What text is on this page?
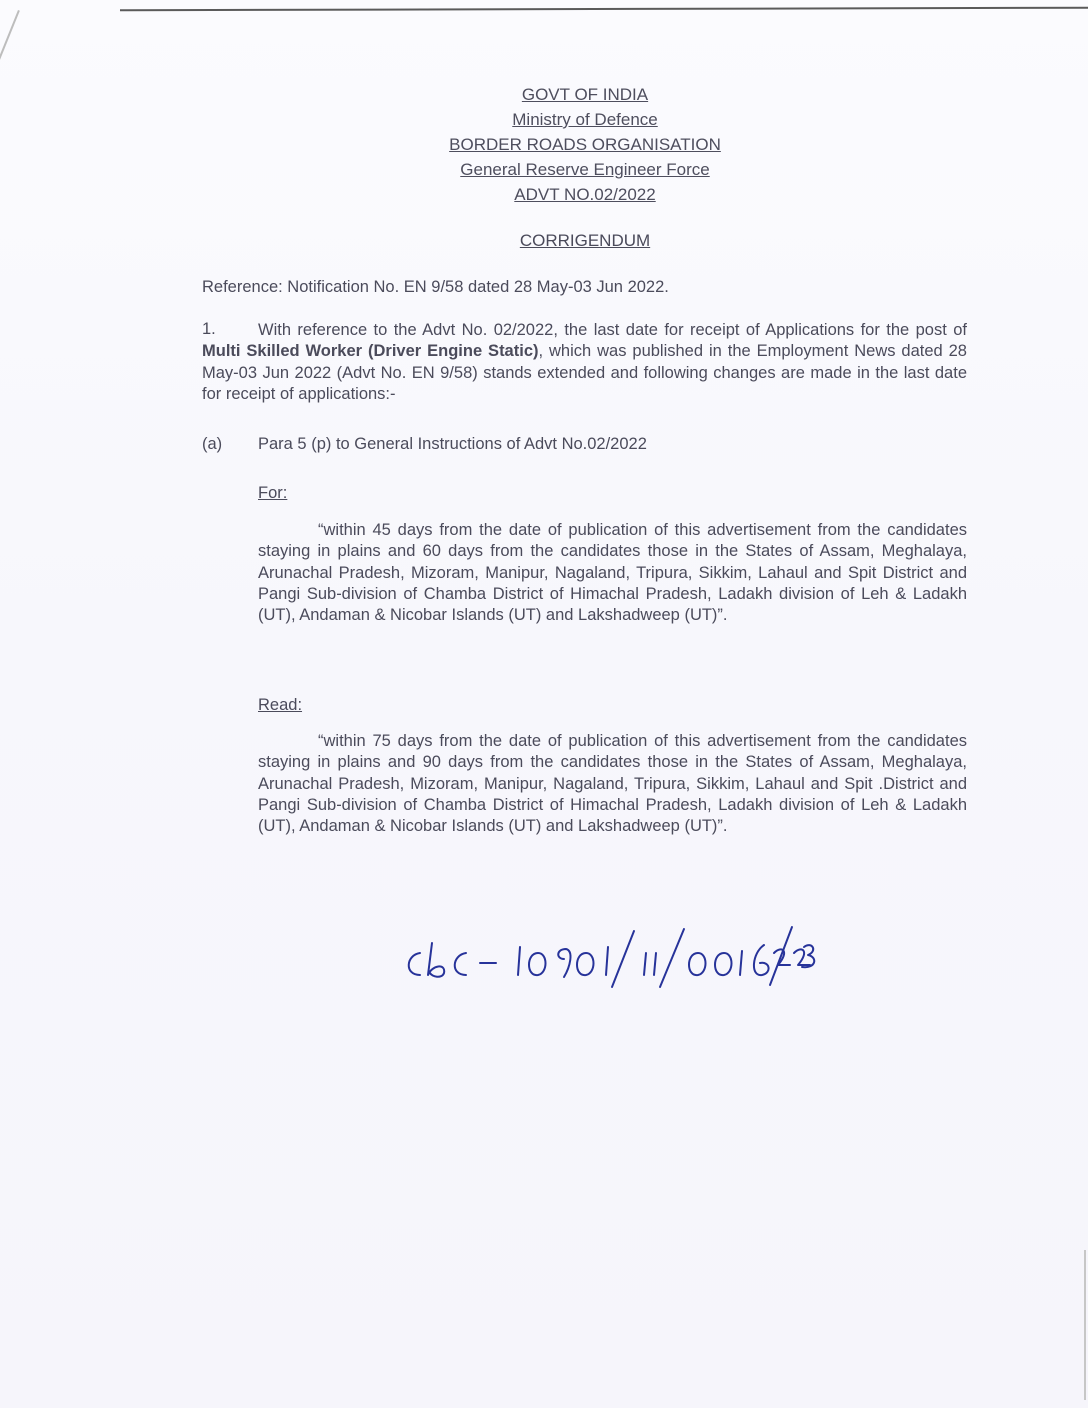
GOVT OF INDIA
Ministry of Defence
BORDER ROADS ORGANISATION
General Reserve Engineer Force
ADVT NO.02/2022
CORRIGENDUM
Reference: Notification No. EN 9/58 dated 28 May-03 Jun 2022.
1.	With reference to the Advt No. 02/2022, the last date for receipt of Applications for the post of Multi Skilled Worker (Driver Engine Static), which was published in the Employment News dated 28 May-03 Jun 2022 (Advt No. EN 9/58) stands extended and following changes are made in the last date for receipt of applications:-
(a) Para 5 (p) to General Instructions of Advt No.02/2022
For:
“within 45 days from the date of publication of this advertisement from the candidates staying in plains and 60 days from the candidates those in the States of Assam, Meghalaya, Arunachal Pradesh, Mizoram, Manipur, Nagaland, Tripura, Sikkim, Lahaul and Spit District and Pangi Sub-division of Chamba District of Himachal Pradesh, Ladakh division of Leh & Ladakh (UT), Andaman & Nicobar Islands (UT) and Lakshadweep (UT)”.
Read:
“within 75 days from the date of publication of this advertisement from the candidates staying in plains and 90 days from the candidates those in the States of Assam, Meghalaya, Arunachal Pradesh, Mizoram, Manipur, Nagaland, Tripura, Sikkim, Lahaul and Spit .District and Pangi Sub-division of Chamba District of Himachal Pradesh, Ladakh division of Leh & Ladakh (UT), Andaman & Nicobar Islands (UT) and Lakshadweep (UT)”.
